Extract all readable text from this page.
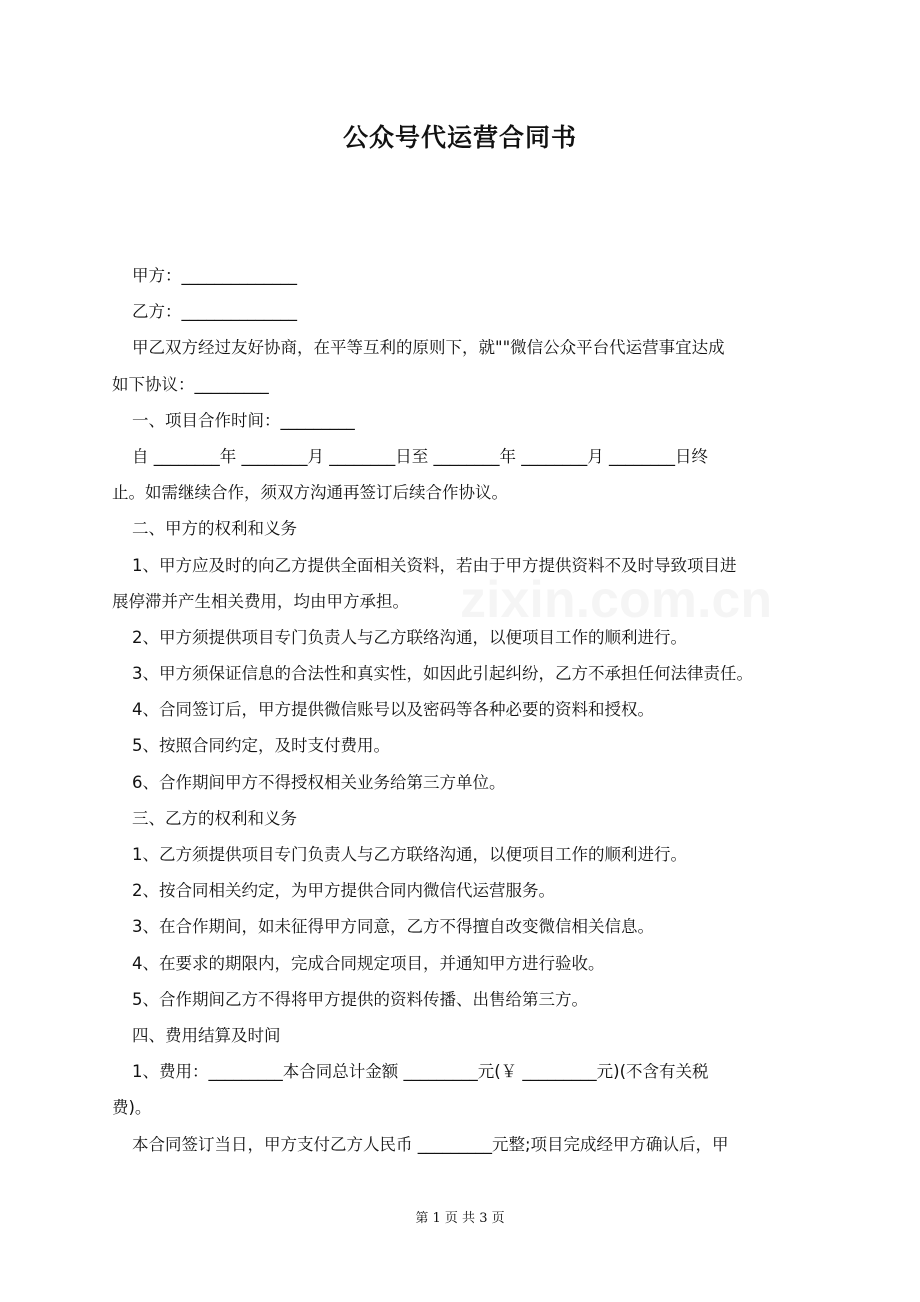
公众号代运营合同书
甲方：______________
乙方：______________
甲乙双方经过友好协商，在平等互利的原则下，就""微信公众平台代运营事宜达成
如下协议：_________
一、项目合作时间：_________
自 ________年 ________月 ________日至 ________年 ________月 ________日终
止。如需继续合作，须双方沟通再签订后续合作协议。
二、甲方的权利和义务
1、甲方应及时的向乙方提供全面相关资料，若由于甲方提供资料不及时导致项目进
展停滞并产生相关费用，均由甲方承担。
2、甲方须提供项目专门负责人与乙方联络沟通，以便项目工作的顺利进行。
3、甲方须保证信息的合法性和真实性，如因此引起纠纷，乙方不承担任何法律责任。
4、合同签订后，甲方提供微信账号以及密码等各种必要的资料和授权。
5、按照合同约定，及时支付费用。
6、合作期间甲方不得授权相关业务给第三方单位。
三、乙方的权利和义务
1、乙方须提供项目专门负责人与乙方联络沟通，以便项目工作的顺利进行。
2、按合同相关约定，为甲方提供合同内微信代运营服务。
3、在合作期间，如未征得甲方同意，乙方不得擅自改变微信相关信息。
4、在要求的期限内，完成合同规定项目，并通知甲方进行验收。
5、合作期间乙方不得将甲方提供的资料传播、出售给第三方。
四、费用结算及时间
1、费用：_________本合同总计金额 _________元(￥ _________元)(不含有关税
费)。
本合同签订当日，甲方支付乙方人民币 _________元整;项目完成经甲方确认后，甲
第 1 页 共 3 页
